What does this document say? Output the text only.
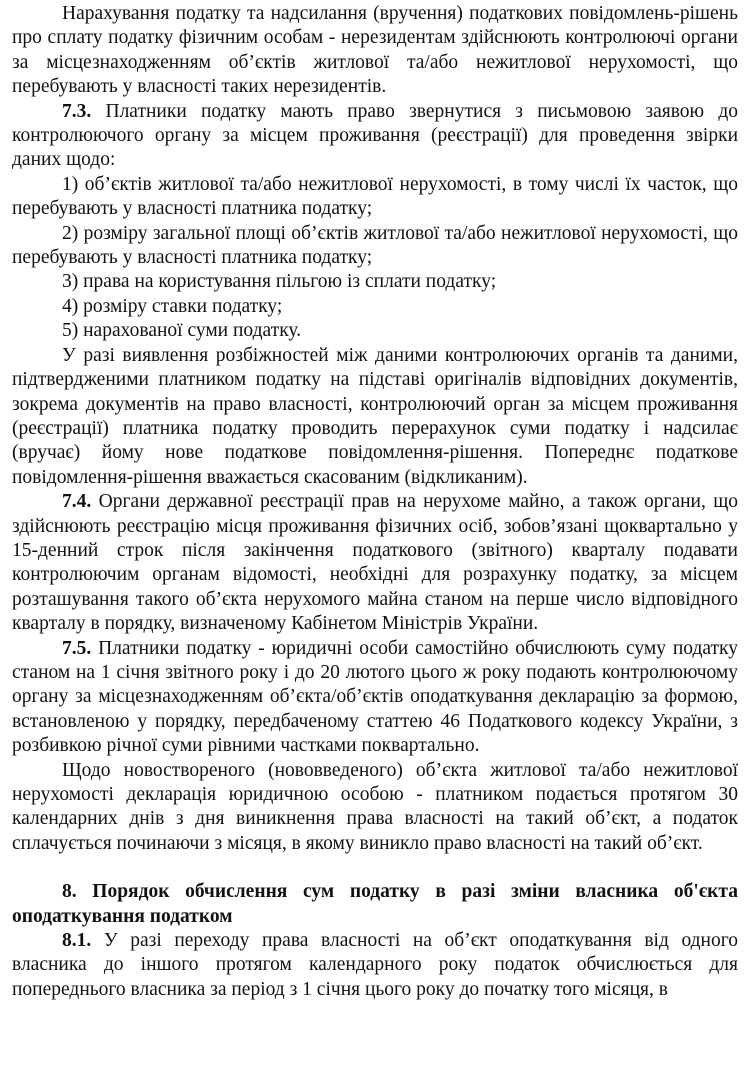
Нарахування податку та надсилання (вручення) податкових повідомлень-рішень про сплату податку фізичним особам - нерезидентам здійснюють контролюючі органи за місцезнаходженням об’єктів житлової та/або нежитлової нерухомості, що перебувають у власності таких нерезидентів.

7.3. Платники податку мають право звернутися з письмовою заявою до контролюючого органу за місцем проживання (реєстрації) для проведення звірки даних щодо:

1) об’єктів житлової та/або нежитлової нерухомості, в тому числі їх часток, що перебувають у власності платника податку;

2) розміру загальної площі об’єктів житлової та/або нежитлової нерухомості, що перебувають у власності платника податку;

3) права на користування пільгою із сплати податку;

4) розміру ставки податку;

5) нарахованої суми податку.

У разі виявлення розбіжностей між даними контролюючих органів та даними, підтвердженими платником податку на підставі оригіналів відповідних документів, зокрема документів на право власності, контролюючий орган за місцем проживання (реєстрації) платника податку проводить перерахунок суми податку і надсилає (вручає) йому нове податкове повідомлення-рішення. Попереднє податкове повідомлення-рішення вважається скасованим (відкликаним).

7.4. Органи державної реєстрації прав на нерухоме майно, а також органи, що здійснюють реєстрацію місця проживання фізичних осіб, зобов’язані щоквартально у 15-денний строк після закінчення податкового (звітного) кварталу подавати контролюючим органам відомості, необхідні для розрахунку податку, за місцем розташування такого об’єкта нерухомого майна станом на перше число відповідного кварталу в порядку, визначеному Кабінетом Міністрів України.

7.5. Платники податку - юридичні особи самостійно обчислюють суму податку станом на 1 січня звітного року і до 20 лютого цього ж року подають контролюючому органу за місцезнаходженням об’єкта/об’єктів оподаткування декларацію за формою, встановленою у порядку, передбаченому статтею 46 Податкового кодексу України, з розбивкою річної суми рівними частками поквартально.

Щодо новоствореного (нововведеного) об’єкта житлової та/або нежитлової нерухомості декларація юридичною особою - платником подається протягом 30 календарних днів з дня виникнення права власності на такий об’єкт, а податок сплачується починаючи з місяця, в якому виникло право власності на такий об’єкт.

8. Порядок обчислення сум податку в разі зміни власника об'єкта оподаткування податком

8.1. У разі переходу права власності на об’єкт оподаткування від одного власника до іншого протягом календарного року податок обчислюється для попереднього власника за період з 1 січня цього року до початку того місяця, в
